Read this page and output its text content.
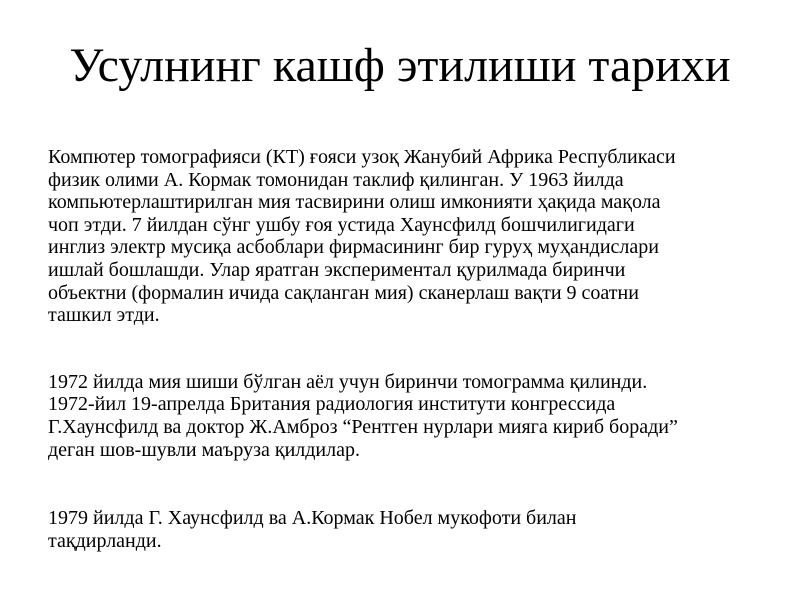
Усулнинг кашф этилиши тарихи

Компютер томографияси (КТ) ғояси узоқ Жанубий Африка Республикаси
физик олими А. Кормак томонидан таклиф қилинган. У 1963 йилда
компьютерлаштирилган мия тасвирини олиш имконияти ҳақида мақола
чоп этди. 7 йилдан сўнг ушбу ғоя устида Хаунсфилд бошчилигидаги
инглиз электр мусиқа асбоблари фирмасининг бир гуруҳ муҳандислари
ишлай бошлашди. Улар яратган экспериментал қурилмада биринчи
объектни (формалин ичида сақланган мия) сканерлаш вақти 9 соатни
ташкил этди.

1972 йилда мия шиши бўлган аёл учун биринчи томограмма қилинди.
1972-йил 19-апрелда Британия радиология институти конгрессида
Г.Хаунсфилд ва доктор Ж.Амброз “Рентген нурлари мияга кириб боради”
деган шов-шувли маъруза қилдилар.

1979 йилда Г. Хаунсфилд ва А.Кормак Нобел мукофоти билан
тақдирланди.
